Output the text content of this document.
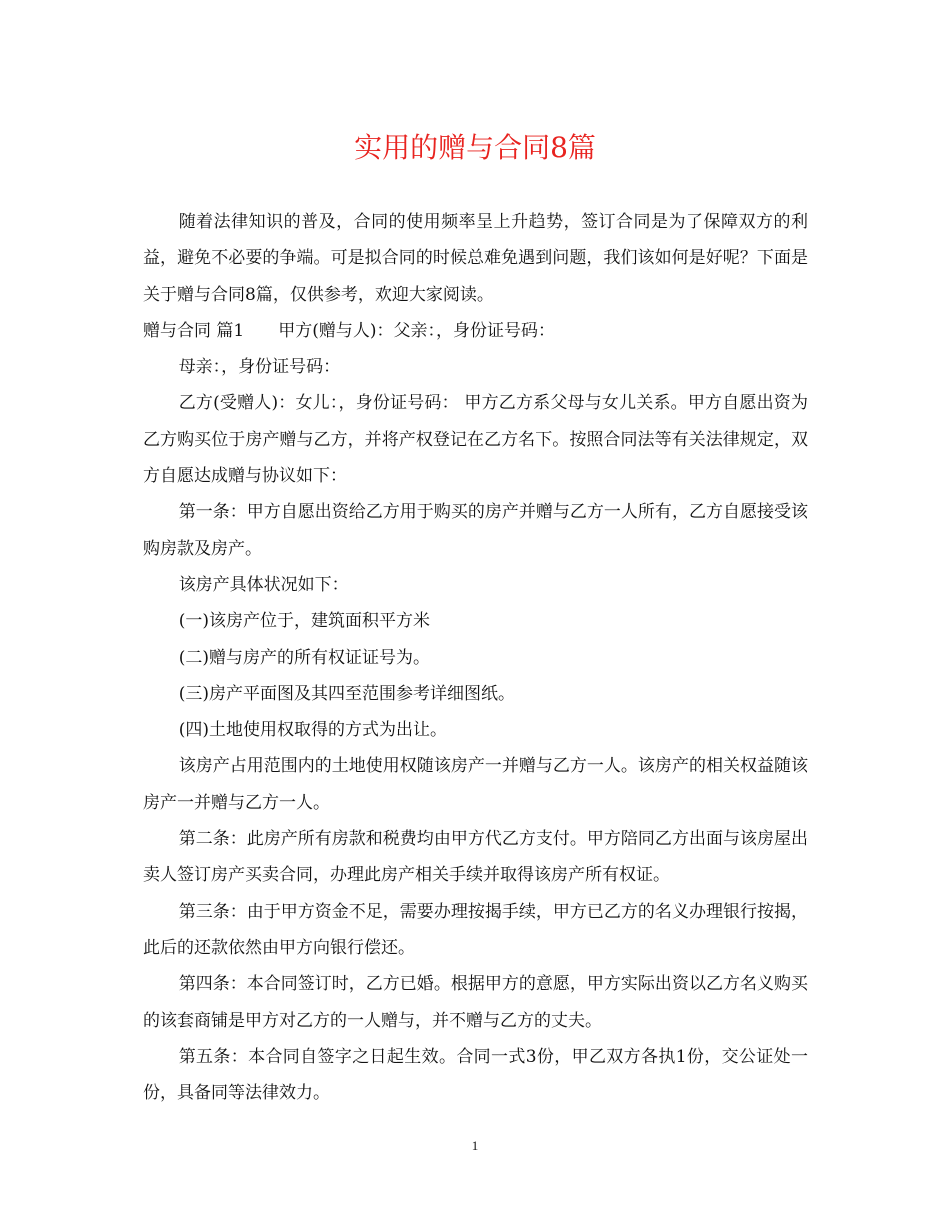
实用的赠与合同8篇

随着法律知识的普及，合同的使用频率呈上升趋势，签订合同是为了保障双方的利益，避免不必要的争端。可是拟合同的时候总难免遇到问题，我们该如何是好呢？下面是关于赠与合同8篇，仅供参考，欢迎大家阅读。

赠与合同 篇1 甲方(赠与人)：父亲：，身份证号码：

母亲：，身份证号码：

乙方(受赠人)：女儿：，身份证号码： 甲方乙方系父母与女儿关系。甲方自愿出资为乙方购买位于房产赠与乙方，并将产权登记在乙方名下。按照合同法等有关法律规定，双方自愿达成赠与协议如下：

第一条：甲方自愿出资给乙方用于购买的房产并赠与乙方一人所有，乙方自愿接受该购房款及房产。

该房产具体状况如下：

(一)该房产位于，建筑面积平方米

(二)赠与房产的所有权证证号为。

(三)房产平面图及其四至范围参考详细图纸。

(四)土地使用权取得的方式为出让。

该房产占用范围内的土地使用权随该房产一并赠与乙方一人。该房产的相关权益随该房产一并赠与乙方一人。

第二条：此房产所有房款和税费均由甲方代乙方支付。甲方陪同乙方出面与该房屋出卖人签订房产买卖合同，办理此房产相关手续并取得该房产所有权证。

第三条：由于甲方资金不足，需要办理按揭手续，甲方已乙方的名义办理银行按揭，此后的还款依然由甲方向银行偿还。

第四条：本合同签订时，乙方已婚。根据甲方的意愿，甲方实际出资以乙方名义购买的该套商铺是甲方对乙方的一人赠与，并不赠与乙方的丈夫。

第五条：本合同自签字之日起生效。合同一式3份，甲乙双方各执1份，交公证处一份，具备同等法律效力。

1
